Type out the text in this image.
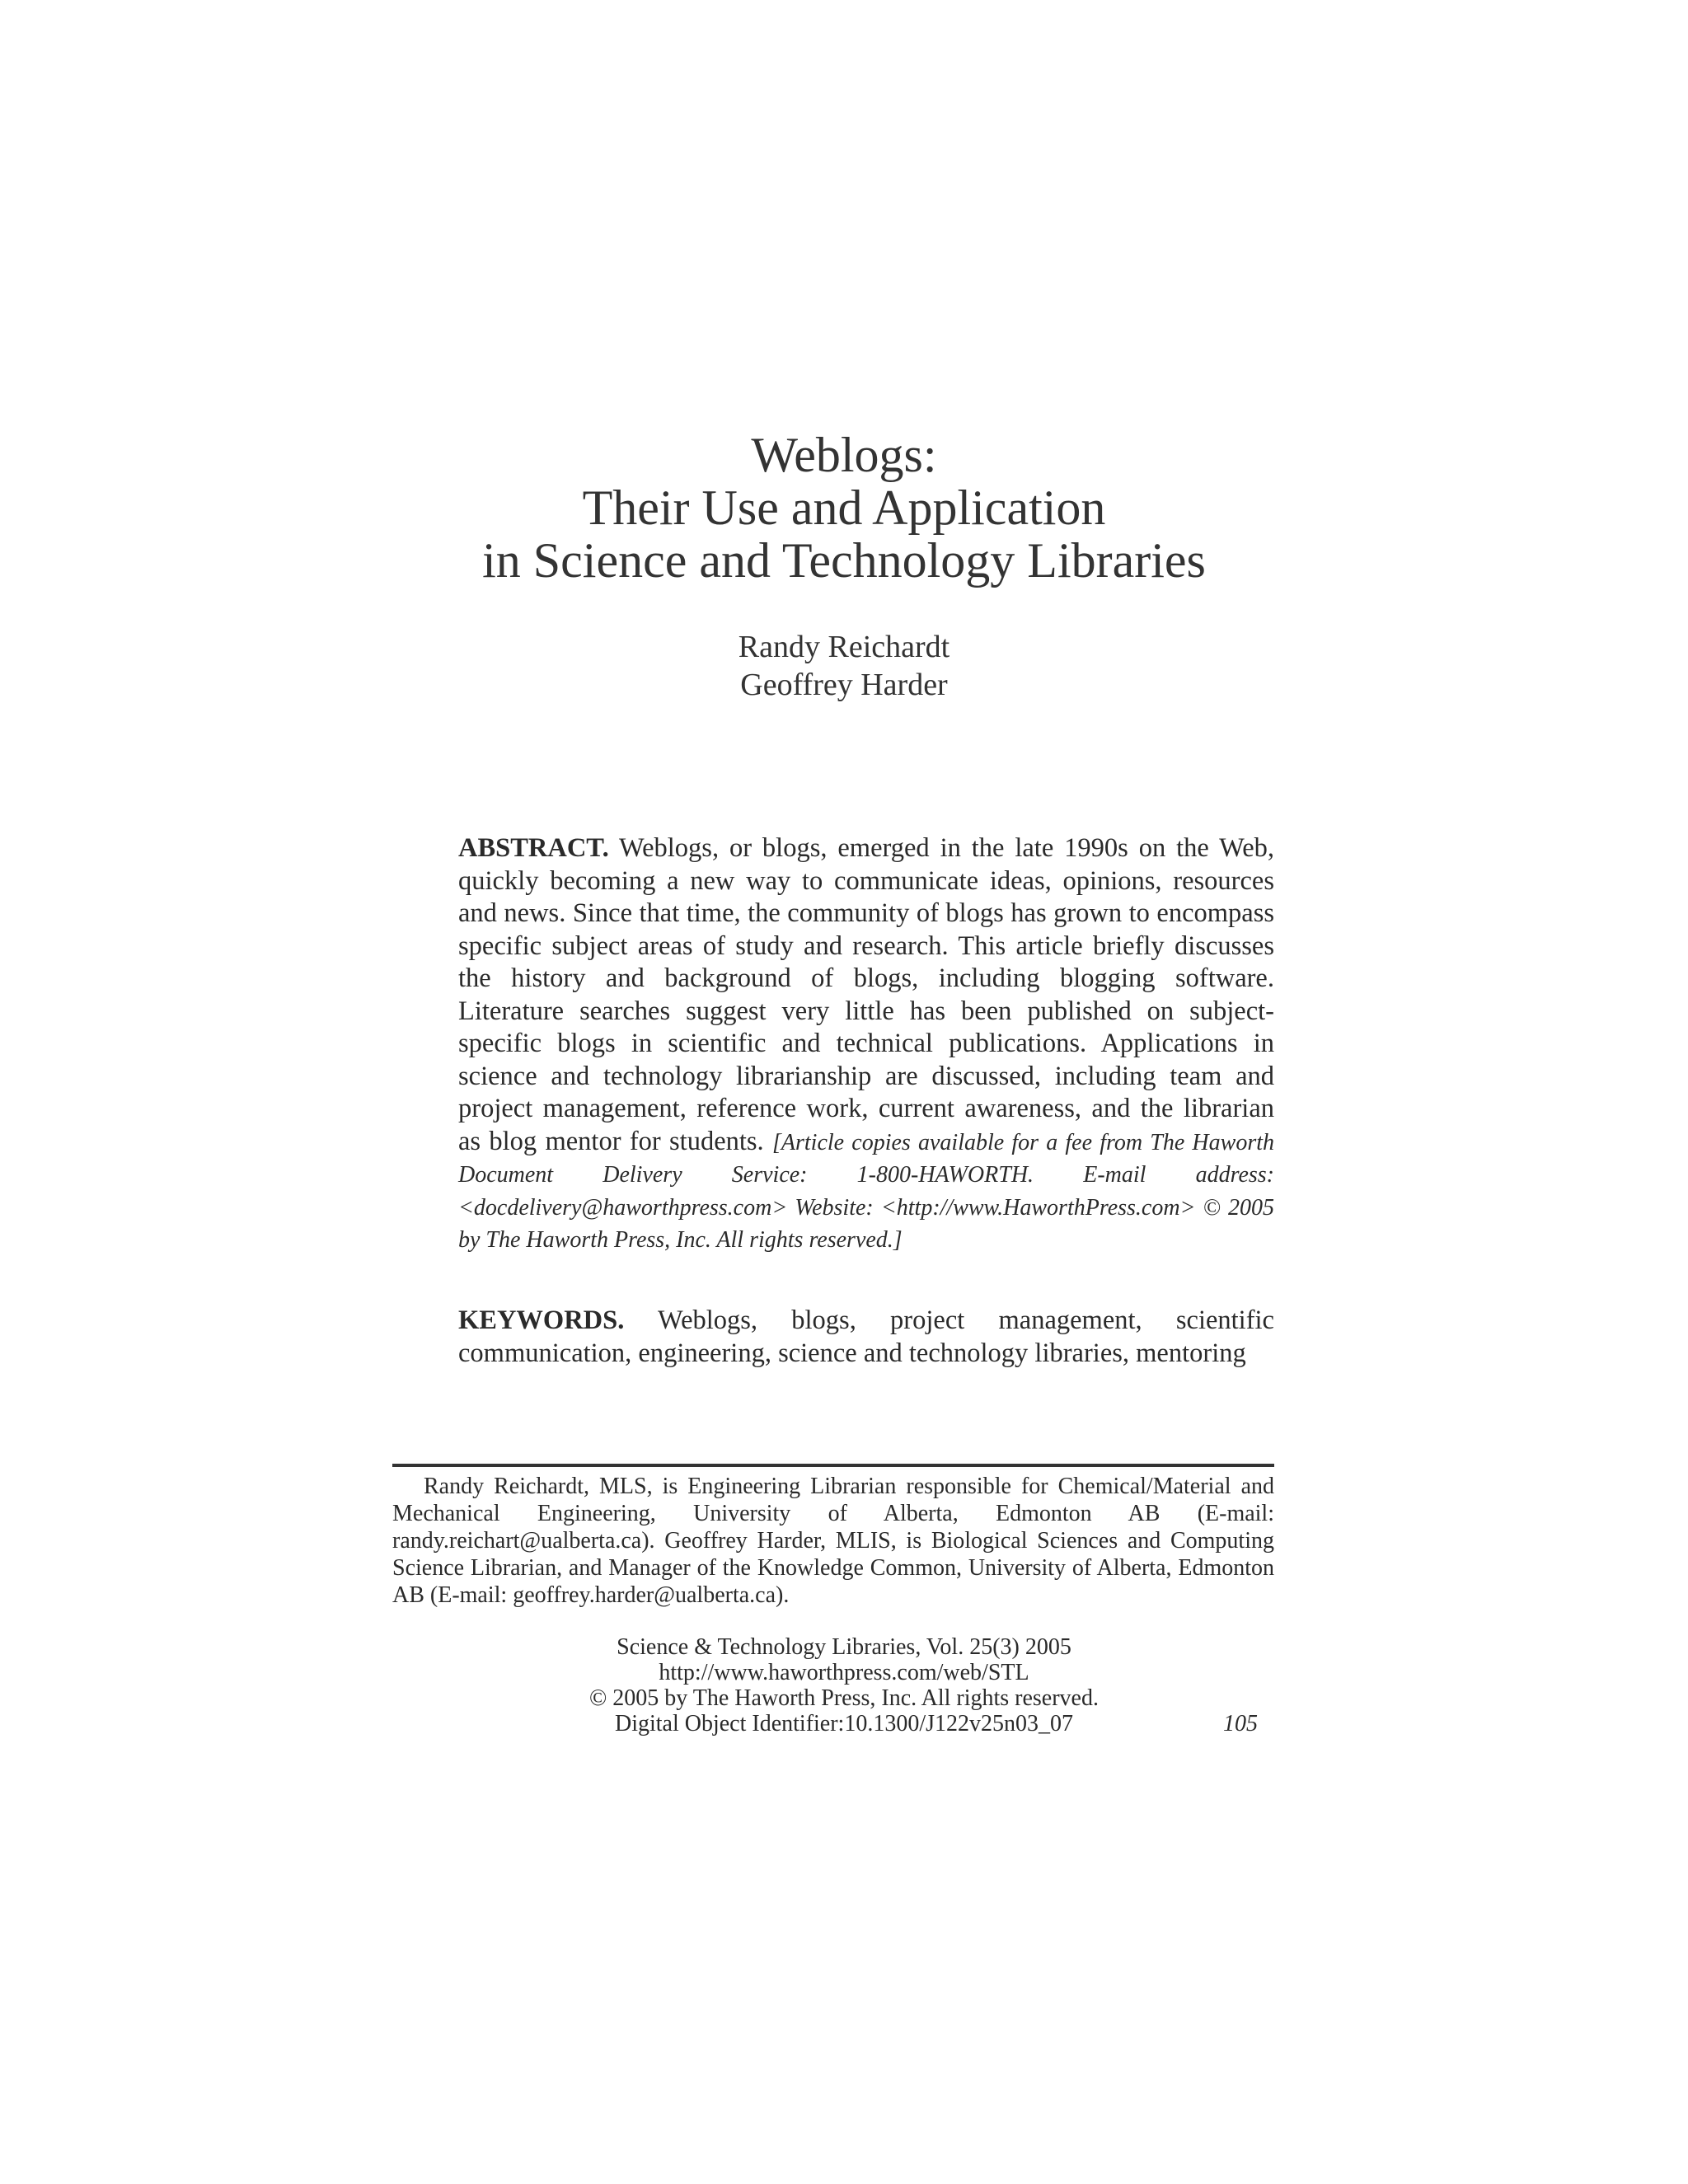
Weblogs:
Their Use and Application
in Science and Technology Libraries
Randy Reichardt
Geoffrey Harder
ABSTRACT. Weblogs, or blogs, emerged in the late 1990s on the Web, quickly becoming a new way to communicate ideas, opinions, resources and news. Since that time, the community of blogs has grown to encompass specific subject areas of study and research. This article briefly discusses the history and background of blogs, including blogging software. Literature searches suggest very little has been published on subject-specific blogs in scientific and technical publications. Applications in science and technology librarianship are discussed, including team and project management, reference work, current awareness, and the librarian as blog mentor for students. [Article copies available for a fee from The Haworth Document Delivery Service: 1-800-HAWORTH. E-mail address: <docdelivery@haworthpress.com> Website: <http://www.HaworthPress.com> © 2005 by The Haworth Press, Inc. All rights reserved.]
KEYWORDS. Weblogs, blogs, project management, scientific communication, engineering, science and technology libraries, mentoring
Randy Reichardt, MLS, is Engineering Librarian responsible for Chemical/Material and Mechanical Engineering, University of Alberta, Edmonton AB (E-mail: randy.reichart@ualberta.ca). Geoffrey Harder, MLIS, is Biological Sciences and Computing Science Librarian, and Manager of the Knowledge Common, University of Alberta, Edmonton AB (E-mail: geoffrey.harder@ualberta.ca).
Science & Technology Libraries, Vol. 25(3) 2005
http://www.haworthpress.com/web/STL
© 2005 by The Haworth Press, Inc. All rights reserved.
Digital Object Identifier:10.1300/J122v25n03_07	105
